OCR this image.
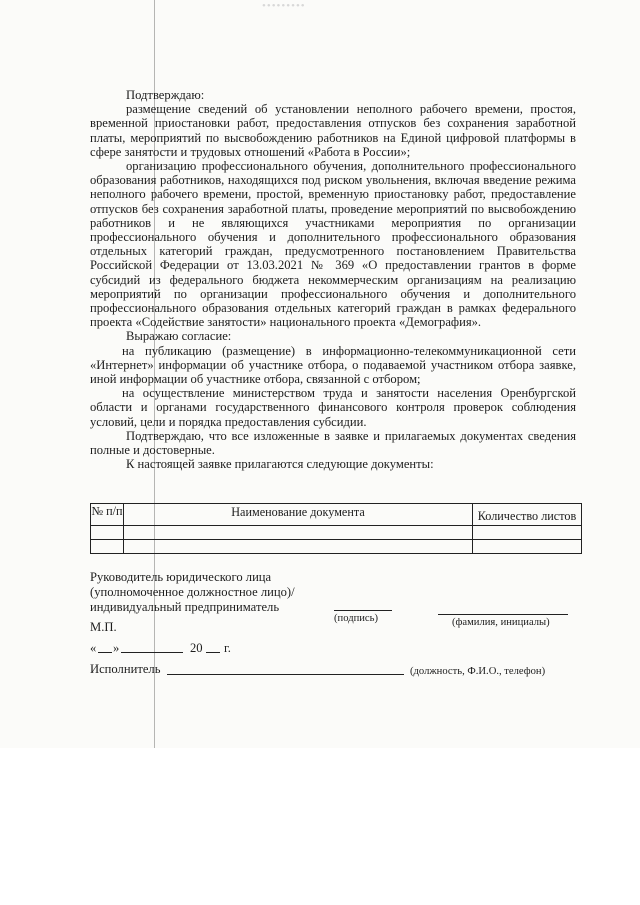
•••••••••

Подтверждаю:

размещение сведений об установлении неполного рабочего времени, простоя, временной приостановки работ, предоставления отпусков без сохранения заработной платы, мероприятий по высвобождению работников на Единой цифровой платформы в сфере занятости и трудовых отношений «Работа в России»;

организацию профессионального обучения, дополнительного профессионального образования работников, находящихся под риском увольнения, включая введение режима неполного рабочего времени, простой, временную приостановку работ, предоставление отпусков без сохранения заработной платы, проведение мероприятий по высвобождению работников и не являющихся участниками мероприятия по организации профессионального обучения и дополнительного профессионального образования отдельных категорий граждан, предусмотренного постановлением Правительства Российской Федерации от 13.03.2021 № 369 «О предоставлении грантов в форме субсидий из федерального бюджета некоммерческим организациям на реализацию мероприятий по организации профессионального обучения и дополнительного профессионального образования отдельных категорий граждан в рамках федерального проекта «Содействие занятости» национального проекта «Демография».

Выражаю согласие:

на публикацию (размещение) в информационно-телекоммуникационной сети «Интернет» информации об участнике отбора, о подаваемой участником отбора заявке, иной информации об участнике отбора, связанной с отбором;

на осуществление министерством труда и занятости населения Оренбургской области и органами государственного финансового контроля проверок соблюдения условий, цели и порядка предоставления субсидии.

Подтверждаю, что все изложенные в заявке и прилагаемых документах сведения полные и достоверные.

К настоящей заявке прилагаются следующие документы:

№ п/п	Наименование документа	Количество листов

Руководитель юридического лица
(уполномоченное должностное лицо)/
индивидуальный предприниматель
(подпись)	(фамилия, инициалы)
М.П.
« »	20 г.
Исполнитель	(должность, Ф.И.О., телефон)
